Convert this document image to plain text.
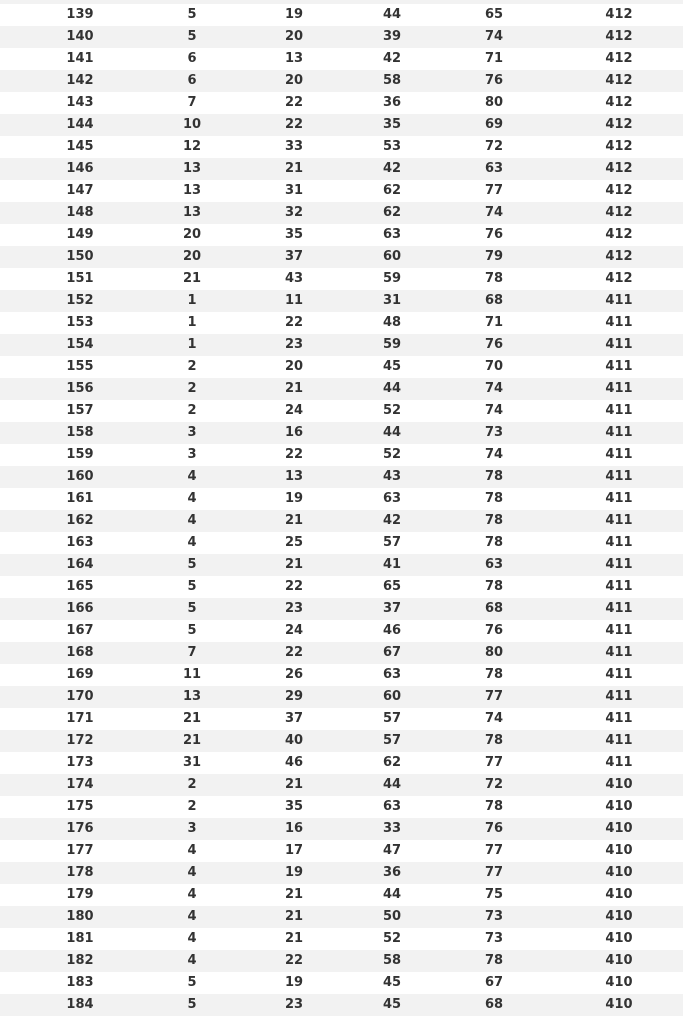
139	5	19	44	65	412
140	5	20	39	74	412
141	6	13	42	71	412
142	6	20	58	76	412
143	7	22	36	80	412
144	10	22	35	69	412
145	12	33	53	72	412
146	13	21	42	63	412
147	13	31	62	77	412
148	13	32	62	74	412
149	20	35	63	76	412
150	20	37	60	79	412
151	21	43	59	78	412
152	1	11	31	68	411
153	1	22	48	71	411
154	1	23	59	76	411
155	2	20	45	70	411
156	2	21	44	74	411
157	2	24	52	74	411
158	3	16	44	73	411
159	3	22	52	74	411
160	4	13	43	78	411
161	4	19	63	78	411
162	4	21	42	78	411
163	4	25	57	78	411
164	5	21	41	63	411
165	5	22	65	78	411
166	5	23	37	68	411
167	5	24	46	76	411
168	7	22	67	80	411
169	11	26	63	78	411
170	13	29	60	77	411
171	21	37	57	74	411
172	21	40	57	78	411
173	31	46	62	77	411
174	2	21	44	72	410
175	2	35	63	78	410
176	3	16	33	76	410
177	4	17	47	77	410
178	4	19	36	77	410
179	4	21	44	75	410
180	4	21	50	73	410
181	4	21	52	73	410
182	4	22	58	78	410
183	5	19	45	67	410
184	5	23	45	68	410
